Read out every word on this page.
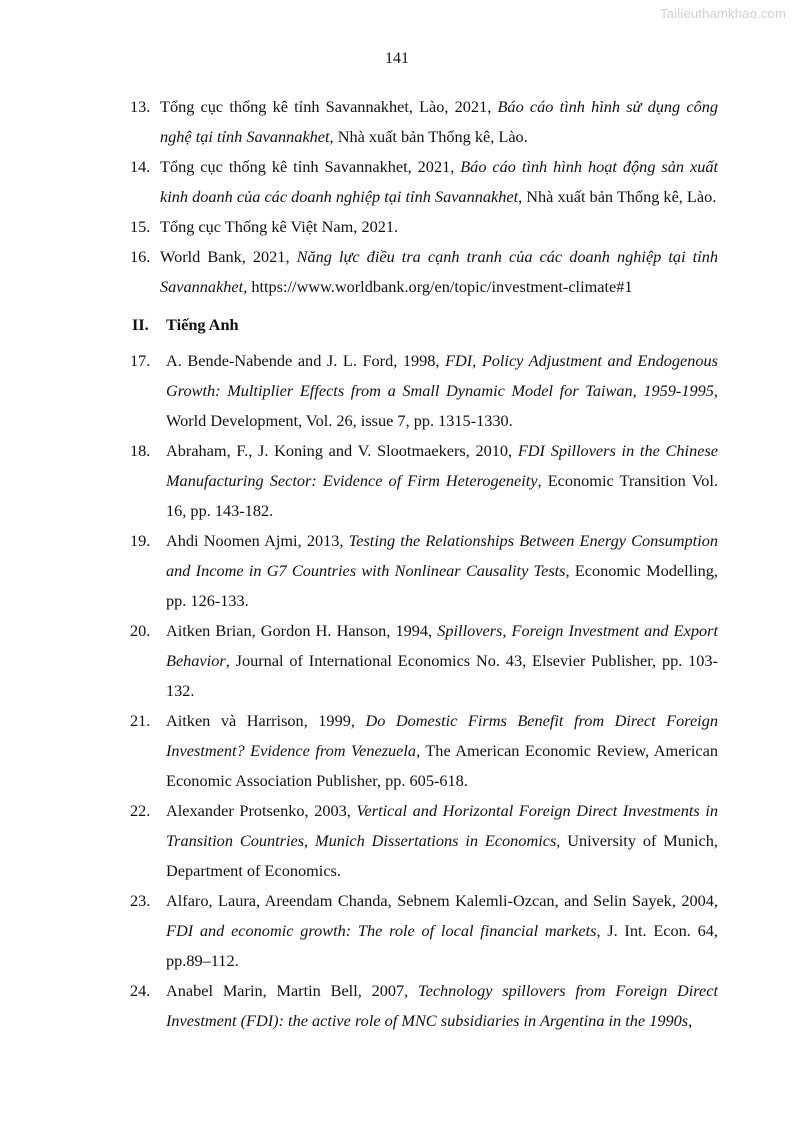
Tailieuthamkhao.com
141
13. Tổng cục thống kê tỉnh Savannakhet, Lào, 2021, Báo cáo tình hình sử dụng công nghệ tại tỉnh Savannakhet, Nhà xuất bản Thống kê, Lào.
14. Tổng cục thống kê tỉnh Savannakhet, 2021, Báo cáo tình hình hoạt động sản xuất kinh doanh của các doanh nghiệp tại tỉnh Savannakhet, Nhà xuất bản Thống kê, Lào.
15. Tổng cục Thống kê Việt Nam, 2021.
16. World Bank, 2021, Năng lực điều tra cạnh tranh của các doanh nghiệp tại tỉnh Savannakhet, https://www.worldbank.org/en/topic/investment-climate#1
II. Tiếng Anh
17. A. Bende-Nabende and J. L. Ford, 1998, FDI, Policy Adjustment and Endogenous Growth: Multiplier Effects from a Small Dynamic Model for Taiwan, 1959-1995, World Development, Vol. 26, issue 7, pp. 1315-1330.
18. Abraham, F., J. Koning and V. Slootmaekers, 2010, FDI Spillovers in the Chinese Manufacturing Sector: Evidence of Firm Heterogeneity, Economic Transition Vol. 16, pp. 143-182.
19. Ahdi Noomen Ajmi, 2013, Testing the Relationships Between Energy Consumption and Income in G7 Countries with Nonlinear Causality Tests, Economic Modelling, pp. 126-133.
20. Aitken Brian, Gordon H. Hanson, 1994, Spillovers, Foreign Investment and Export Behavior, Journal of International Economics No. 43, Elsevier Publisher, pp. 103-132.
21. Aitken và Harrison, 1999, Do Domestic Firms Benefit from Direct Foreign Investment? Evidence from Venezuela, The American Economic Review, American Economic Association Publisher, pp. 605-618.
22. Alexander Protsenko, 2003, Vertical and Horizontal Foreign Direct Investments in Transition Countries, Munich Dissertations in Economics, University of Munich, Department of Economics.
23. Alfaro, Laura, Areendam Chanda, Sebnem Kalemli-Ozcan, and Selin Sayek, 2004, FDI and economic growth: The role of local financial markets, J. Int. Econ. 64, pp.89–112.
24. Anabel Marin, Martin Bell, 2007, Technology spillovers from Foreign Direct Investment (FDI): the active role of MNC subsidiaries in Argentina in the 1990s,
